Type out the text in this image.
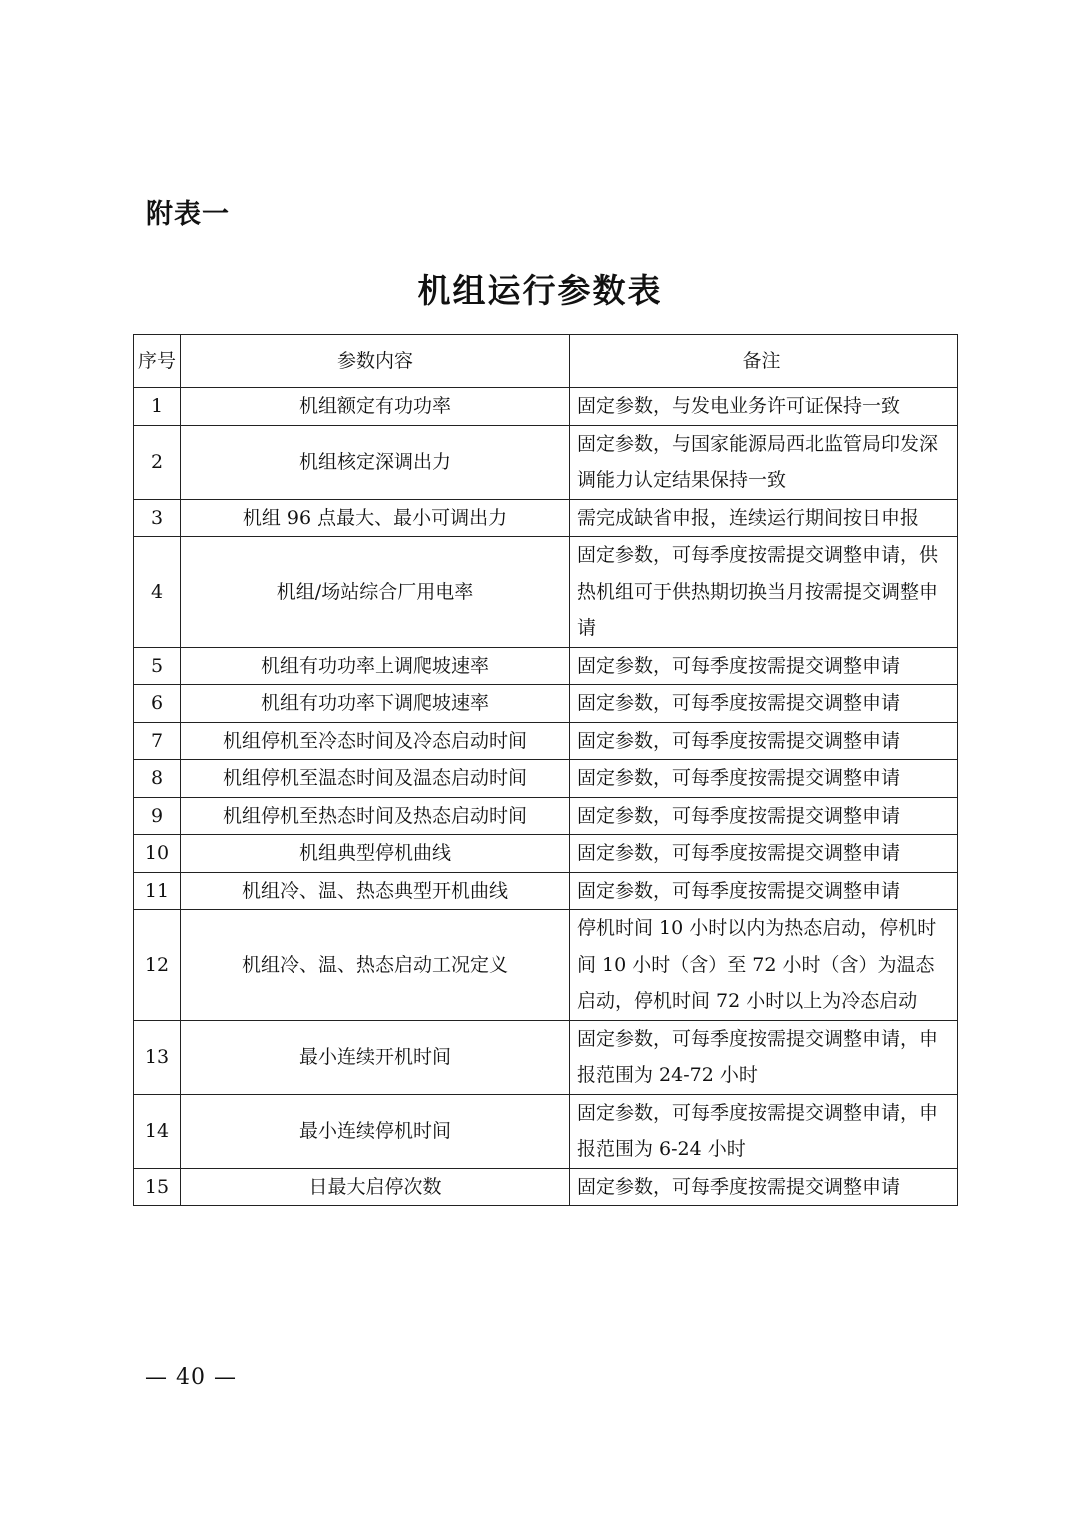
附表一
机组运行参数表
序号	参数内容	备注
1	机组额定有功功率	固定参数，与发电业务许可证保持一致
2	机组核定深调出力	固定参数，与国家能源局西北监管局印发深调能力认定结果保持一致
3	机组 96 点最大、最小可调出力	需完成缺省申报，连续运行期间按日申报
4	机组/场站综合厂用电率	固定参数，可每季度按需提交调整申请，供热机组可于供热期切换当月按需提交调整申请
5	机组有功功率上调爬坡速率	固定参数，可每季度按需提交调整申请
6	机组有功功率下调爬坡速率	固定参数，可每季度按需提交调整申请
7	机组停机至冷态时间及冷态启动时间	固定参数，可每季度按需提交调整申请
8	机组停机至温态时间及温态启动时间	固定参数，可每季度按需提交调整申请
9	机组停机至热态时间及热态启动时间	固定参数，可每季度按需提交调整申请
10	机组典型停机曲线	固定参数，可每季度按需提交调整申请
11	机组冷、温、热态典型开机曲线	固定参数，可每季度按需提交调整申请
12	机组冷、温、热态启动工况定义	停机时间 10 小时以内为热态启动，停机时间 10 小时（含）至 72 小时（含）为温态启动，停机时间 72 小时以上为冷态启动
13	最小连续开机时间	固定参数，可每季度按需提交调整申请，申报范围为 24-72 小时
14	最小连续停机时间	固定参数，可每季度按需提交调整申请，申报范围为 6-24 小时
15	日最大启停次数	固定参数，可每季度按需提交调整申请
— 40 —
